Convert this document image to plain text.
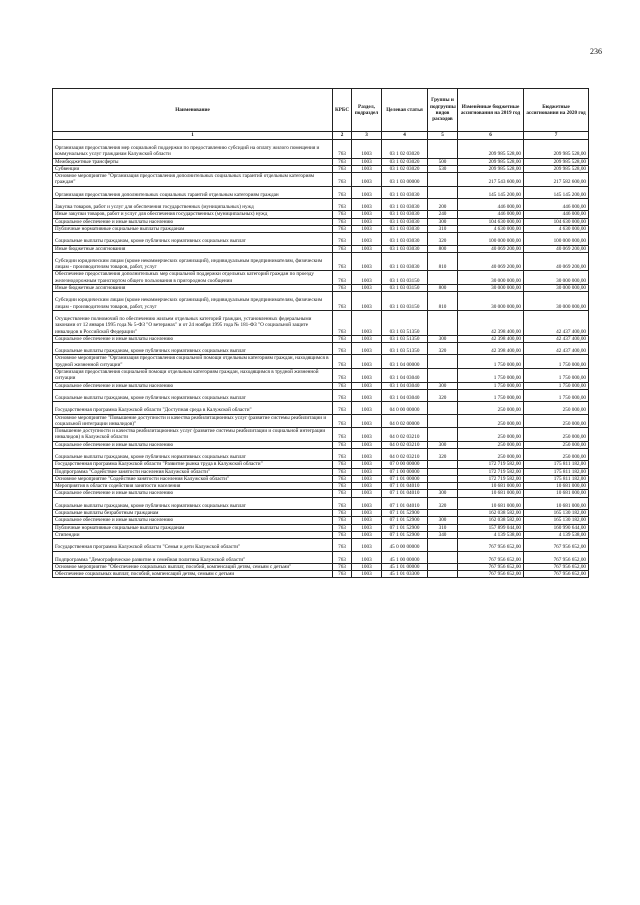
236
Наименование	КРБС	Раздел, подраздел	Целевая статья	Группы и подгруппы видов расходов	Изменённые бюджетные ассигнования на 2019 год	Бюджетные ассигнования на 2020 год
1	2	3	4	5	6	7
Организация предоставления мер социальной поддержки по предоставлению субсидий на оплату жилого помещения и коммунальных услуг гражданам Калужской области	763	1003	03 1 02 03020		209 985 528,00	209 985 528,00
Межбюджетные трансферты	763	1003	03 1 02 03020	500	209 985 528,00	209 985 528,00
Субвенции	763	1003	03 1 02 03020	530	209 985 528,00	209 985 528,00
Основное мероприятие "Организация предоставления дополнительных социальных гарантий отдельным категориям граждан"	763	1003	03 1 03 00000		217 543 600,00	217 582 600,00
Организация предоставления дополнительных социальных гарантий отдельным категориям граждан	763	1003	03 1 03 03030		145 145 200,00	145 145 200,00
Закупка товаров, работ и услуг для обеспечения государственных (муниципальных) нужд	763	1003	03 1 03 03030	200	446 000,00	446 000,00
Иные закупки товаров, работ и услуг для обеспечения государственных (муниципальных) нужд	763	1003	03 1 03 03030	240	446 000,00	446 000,00
Социальное обеспечение и иные выплаты населению	763	1003	03 1 03 03030	300	104 630 000,00	104 630 000,00
Публичные нормативные социальные выплаты гражданам	763	1003	03 1 03 03030	310	4 630 000,00	4 630 000,00
Социальные выплаты гражданам, кроме публичных нормативных социальных выплат	763	1003	03 1 03 03030	320	100 000 000,00	100 000 000,00
Иные бюджетные ассигнования	763	1003	03 1 03 03030	800	40 069 200,00	40 069 200,00
Субсидии юридическим лицам (кроме некоммерческих организаций), индивидуальным предпринимателям, физическим лицам - производителям товаров, работ, услуг	763	1003	03 1 03 03030	810	40 069 200,00	40 069 200,00
Обеспечение предоставления дополнительных мер социальной поддержки отдельных категорий граждан по проезду железнодорожным транспортом общего пользования в пригородном сообщении	763	1003	03 1 03 03150		30 000 000,00	30 000 000,00
Иные бюджетные ассигнования	763	1003	03 1 03 03150	800	30 000 000,00	30 000 000,00
Субсидии юридическим лицам (кроме некоммерческих организаций), индивидуальным предпринимателям, физическим лицам - производителям товаров, работ, услуг	763	1003	03 1 03 03150	810	30 000 000,00	30 000 000,00
Осуществление полномочий по обеспечению жильем отдельных категорий граждан, установленных федеральными законами от 12 января 1995 года № 5-ФЗ "О ветеранах" и от 24 ноября 1995 года № 181-ФЗ "О социальной защите инвалидов в Российской Федерации"	763	1003	03 1 03 51350		42 398 400,00	42 437 400,00
Социальное обеспечение и иные выплаты населению	763	1003	03 1 03 51350	300	42 398 400,00	42 437 400,00
Социальные выплаты гражданам, кроме публичных нормативных социальных выплат	763	1003	03 1 03 51350	320	42 398 400,00	42 437 400,00
Основное мероприятие "Организация предоставления социальной помощи отдельным категориям граждан, находящимся в трудной жизненной ситуации"	763	1003	03 1 04 00000		1 750 000,00	1 750 000,00
Организация предоставления социальной помощи отдельным категориям граждан, находящимся в трудной жизненной ситуации	763	1003	03 1 04 03040		1 750 000,00	1 750 000,00
Социальное обеспечение и иные выплаты населению	763	1003	03 1 04 03040	300	1 750 000,00	1 750 000,00
Социальные выплаты гражданам, кроме публичных нормативных социальных выплат	763	1003	03 1 04 03040	320	1 750 000,00	1 750 000,00
Государственная программа Калужской области "Доступная среда в Калужской области"	763	1003	04 0 00 00000		250 000,00	250 000,00
Основное мероприятие "Повышение доступности и качества реабилитационных услуг (развитие системы реабилитации и социальной интеграции инвалидов)"	763	1003	04 0 02 00000		250 000,00	250 000,00
Повышение доступности и качества реабилитационных услуг (развитие системы реабилитации и социальной интеграции инвалидов) в Калужской области	763	1003	04 0 02 03210		250 000,00	250 000,00
Социальное обеспечение и иные выплаты населению	763	1003	04 0 02 03210	300	250 000,00	250 000,00
Социальные выплаты гражданам, кроме публичных нормативных социальных выплат	763	1003	04 0 02 03210	320	250 000,00	250 000,00
Государственная программа Калужской области "Развитие рынка труда в Калужской области"	763	1003	07 0 00 00000		172 719 582,00	175 811 182,00
Подпрограмма "Содействие занятости населения Калужской области"	763	1003	07 1 00 00000		172 719 582,00	175 811 182,00
Основное мероприятие "Содействие занятости населения Калужской области"	763	1003	07 1 01 00000		172 719 582,00	175 811 182,00
Мероприятия в области содействия занятости населения	763	1003	07 1 01 04010		10 681 000,00	10 681 000,00
Социальное обеспечение и иные выплаты населению	763	1003	07 1 01 04010	300	10 681 000,00	10 681 000,00
Социальные выплаты гражданам, кроме публичных нормативных социальных выплат	763	1003	07 1 01 04010	320	10 681 000,00	10 681 000,00
Социальные выплаты безработным гражданам	763	1003	07 1 01 52900		162 038 582,00	165 130 182,00
Социальное обеспечение и иные выплаты населению	763	1003	07 1 01 52900	300	162 038 582,00	165 130 182,00
Публичные нормативные социальные выплаты гражданам	763	1003	07 1 01 52900	310	157 899 044,00	160 990 644,00
Стипендии	763	1003	07 1 01 52900	340	4 139 538,00	4 139 538,00
Государственная программа Калужской области "Семья и дети Калужской области"	763	1003	45 0 00 00000		767 956 652,00	767 956 652,00
Подпрограмма "Демографическое развитие и семейная политика Калужской области"	763	1003	45 1 00 00000		767 956 652,00	767 956 652,00
Основное мероприятие "Обеспечение социальных выплат, пособий, компенсаций детям, семьям с детьми"	763	1003	45 1 01 00000		767 956 652,00	767 956 652,00
Обеспечение социальных выплат, пособий, компенсаций детям, семьям с детьми	763	1003	45 1 01 03300		767 956 652,00	767 956 652,00
